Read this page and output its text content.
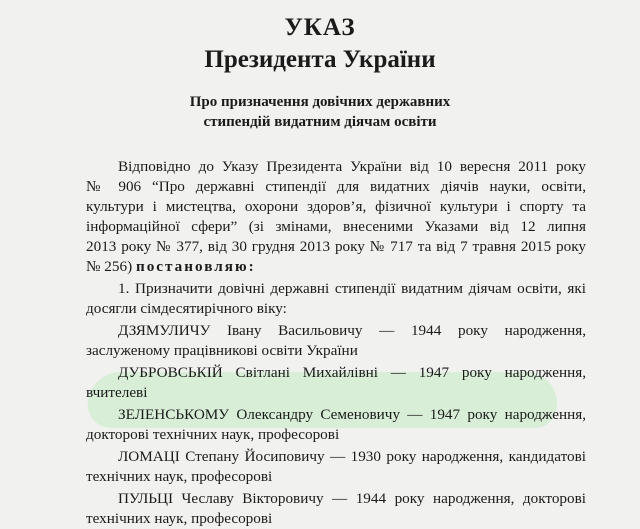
УКАЗ
Президента України
Про призначення довічних державних
стипендій видатним діячам освіти
Відповідно до Указу Президента України від 10 вересня 2011 року
№ 906 “Про державні стипендії для видатних діячів науки, освіти,
культури і мистецтва, охорони здоров’я, фізичної культури і спорту та
інформаційної сфери” (зі змінами, внесеними Указами від 12 липня
2013 року № 377, від 30 грудня 2013 року № 717 та від 7 травня 2015 року
№ 256) постановляю:
1. Призначити довічні державні стипендії видатним діячам освіти, які
досягли сімдесятирічного віку:
ДЗЯМУЛИЧУ Івану Васильовичу — 1944 року народження,
заслуженому працівникові освіти України
ДУБРОВСЬКІЙ Світлані Михайлівні — 1947 року народження,
вчителеві
ЗЕЛЕНСЬКОМУ Олександру Семеновичу — 1947 року народження,
докторові технічних наук, професорові
ЛОМАЦІ Степану Йосиповичу — 1930 року народження, кандидатові
технічних наук, професорові
ПУЛЬЦІ Чеславу Вікторовичу — 1944 року народження, докторові
технічних наук, професорові
